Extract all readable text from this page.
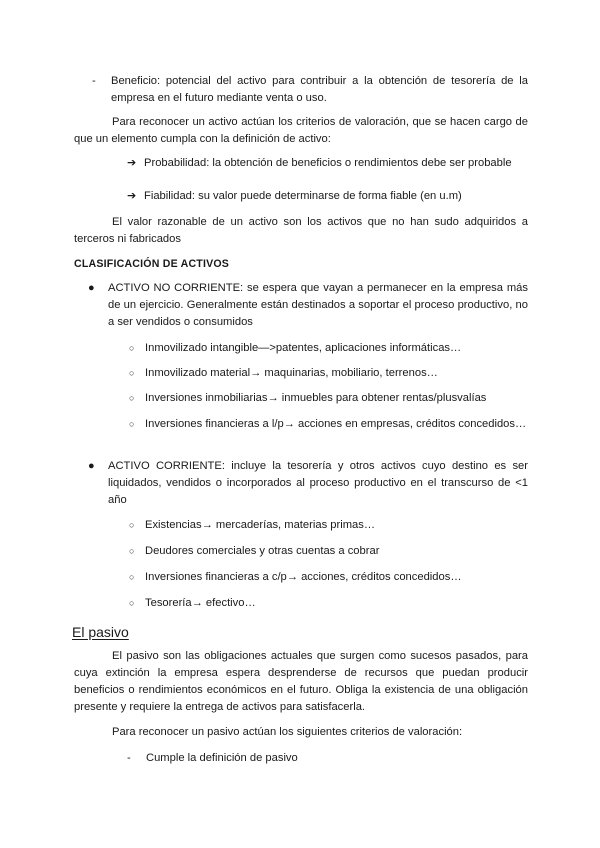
- Beneficio: potencial del activo para contribuir a la obtención de tesorería de la empresa en el futuro mediante venta o uso.
Para reconocer un activo actúan los criterios de valoración, que se hacen cargo de que un elemento cumpla con la definición de activo:
➔ Probabilidad: la obtención de beneficios o rendimientos debe ser probable
➔ Fiabilidad: su valor puede determinarse de forma fiable (en u.m)
El valor razonable de un activo son los activos que no han sudo adquiridos a terceros ni fabricados
CLASIFICACIÓN DE ACTIVOS
● ACTIVO NO CORRIENTE: se espera que vayan a permanecer en la empresa más de un ejercicio. Generalmente están destinados a soportar el proceso productivo, no a ser vendidos o consumidos
○ Inmovilizado intangible—>patentes, aplicaciones informáticas…
○ Inmovilizado material→ maquinarias, mobiliario, terrenos…
○ Inversiones inmobiliarias→ inmuebles para obtener rentas/plusvalías
○ Inversiones financieras a l/p→ acciones en empresas, créditos concedidos…
● ACTIVO CORRIENTE: incluye la tesorería y otros activos cuyo destino es ser liquidados, vendidos o incorporados al proceso productivo en el transcurso de <1 año
○ Existencias→ mercaderías, materias primas…
○ Deudores comerciales y otras cuentas a cobrar
○ Inversiones financieras a c/p→ acciones, créditos concedidos…
○ Tesorería→ efectivo…
El pasivo
El pasivo son las obligaciones actuales que surgen como sucesos pasados, para cuya extinción la empresa espera desprenderse de recursos que puedan producir beneficios o rendimientos económicos en el futuro. Obliga la existencia de una obligación presente y requiere la entrega de activos para satisfacerla.
Para reconocer un pasivo actúan los siguientes criterios de valoración:
- Cumple la definición de pasivo
